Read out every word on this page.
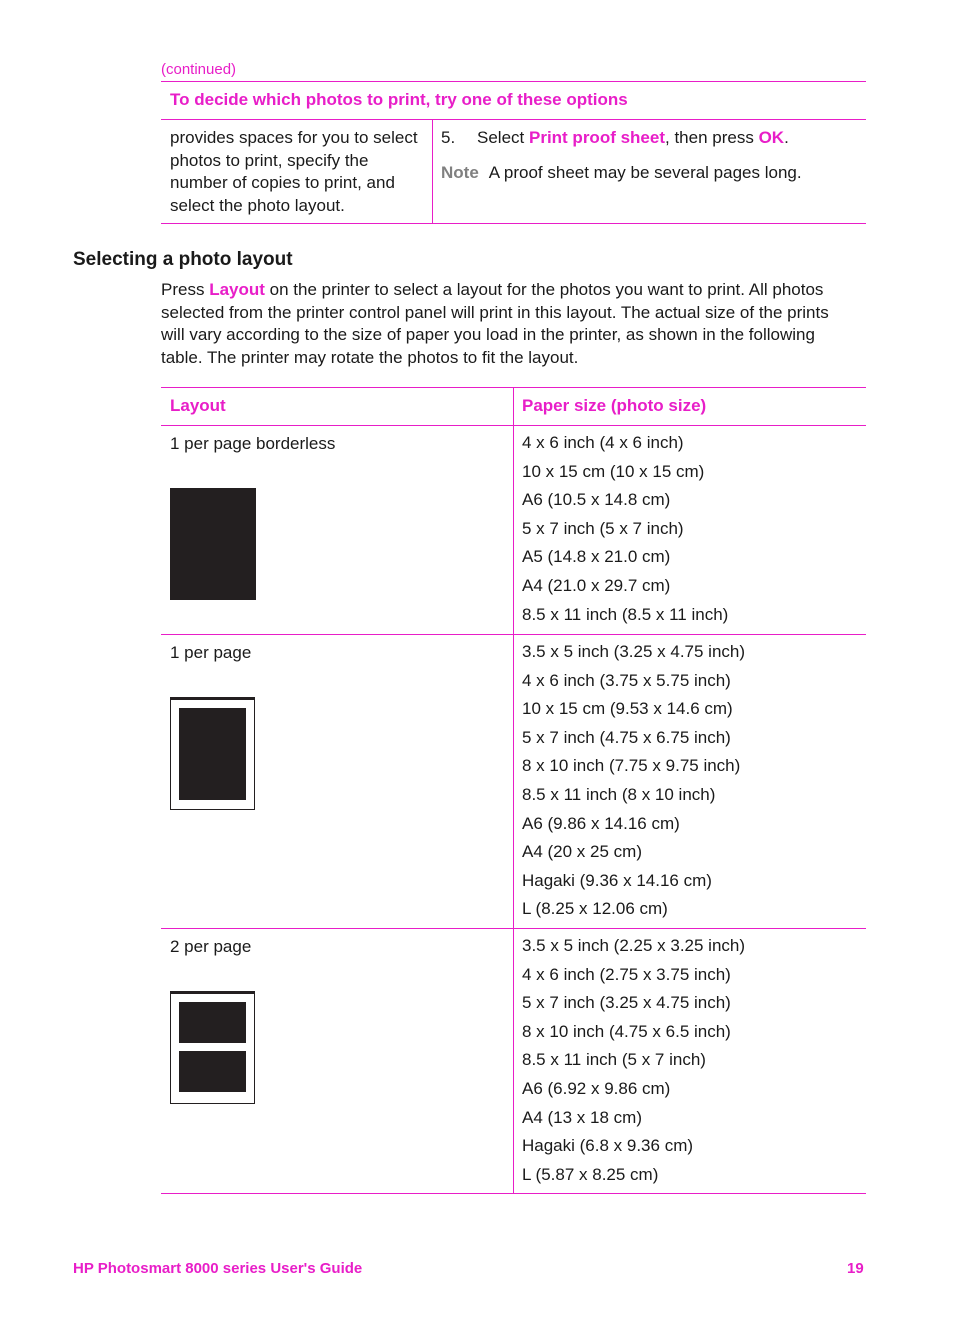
(continued)
To decide which photos to print, try one of these options
provides spaces for you to select photos to print, specify the number of copies to print, and select the photo layout.
5. Select Print proof sheet, then press OK.
Note A proof sheet may be several pages long.
Selecting a photo layout
Press Layout on the printer to select a layout for the photos you want to print. All photos selected from the printer control panel will print in this layout. The actual size of the prints will vary according to the size of paper you load in the printer, as shown in the following table. The printer may rotate the photos to fit the layout.
Layout	Paper size (photo size)
1 per page borderless	4 x 6 inch (4 x 6 inch)
10 x 15 cm (10 x 15 cm)
A6 (10.5 x 14.8 cm)
5 x 7 inch (5 x 7 inch)
A5 (14.8 x 21.0 cm)
A4 (21.0 x 29.7 cm)
8.5 x 11 inch (8.5 x 11 inch)
1 per page	3.5 x 5 inch (3.25 x 4.75 inch)
4 x 6 inch (3.75 x 5.75 inch)
10 x 15 cm (9.53 x 14.6 cm)
5 x 7 inch (4.75 x 6.75 inch)
8 x 10 inch (7.75 x 9.75 inch)
8.5 x 11 inch (8 x 10 inch)
A6 (9.86 x 14.16 cm)
A4 (20 x 25 cm)
Hagaki (9.36 x 14.16 cm)
L (8.25 x 12.06 cm)
2 per page	3.5 x 5 inch (2.25 x 3.25 inch)
4 x 6 inch (2.75 x 3.75 inch)
5 x 7 inch (3.25 x 4.75 inch)
8 x 10 inch (4.75 x 6.5 inch)
8.5 x 11 inch (5 x 7 inch)
A6 (6.92 x 9.86 cm)
A4 (13 x 18 cm)
Hagaki (6.8 x 9.36 cm)
L (5.87 x 8.25 cm)
HP Photosmart 8000 series User's Guide	19
